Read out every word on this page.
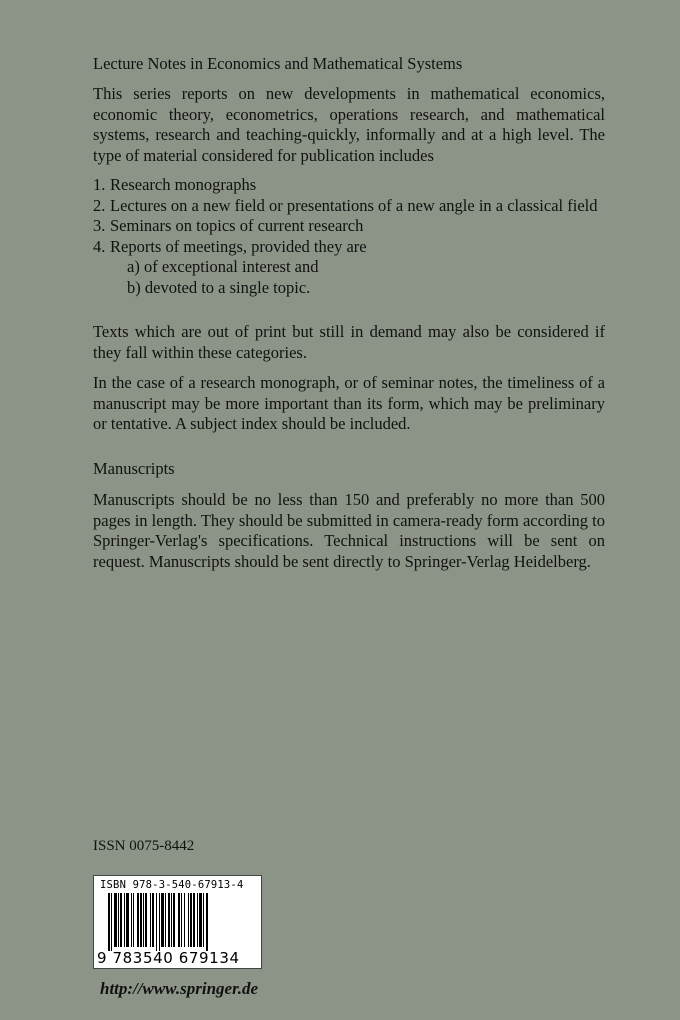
Lecture Notes in Economics and Mathematical Systems

This series reports on new developments in mathematical economics, economic theory, econometrics, operations research, and mathematical systems, research and teaching-quickly, informally and at a high level. The type of material considered for publication includes

1. Research monographs
2. Lectures on a new field or presentations of a new angle in a classical field
3. Seminars on topics of current research
4. Reports of meetings, provided they are
a) of exceptional interest and
b) devoted to a single topic.

Texts which are out of print but still in demand may also be considered if they fall within these categories.

In the case of a research monograph, or of seminar notes, the timeliness of a manuscript may be more important than its form, which may be preliminary or tentative. A subject index should be included.

Manuscripts

Manuscripts should be no less than 150 and preferably no more than 500 pages in length. They should be submitted in camera-ready form according to Springer-Verlag's specifications. Technical instructions will be sent on request. Manuscripts should be sent directly to Springer-Verlag Heidelberg.

ISSN 0075-8442
ISBN 978-3-540-67913-4
9 783540 679134
http://www.springer.de
